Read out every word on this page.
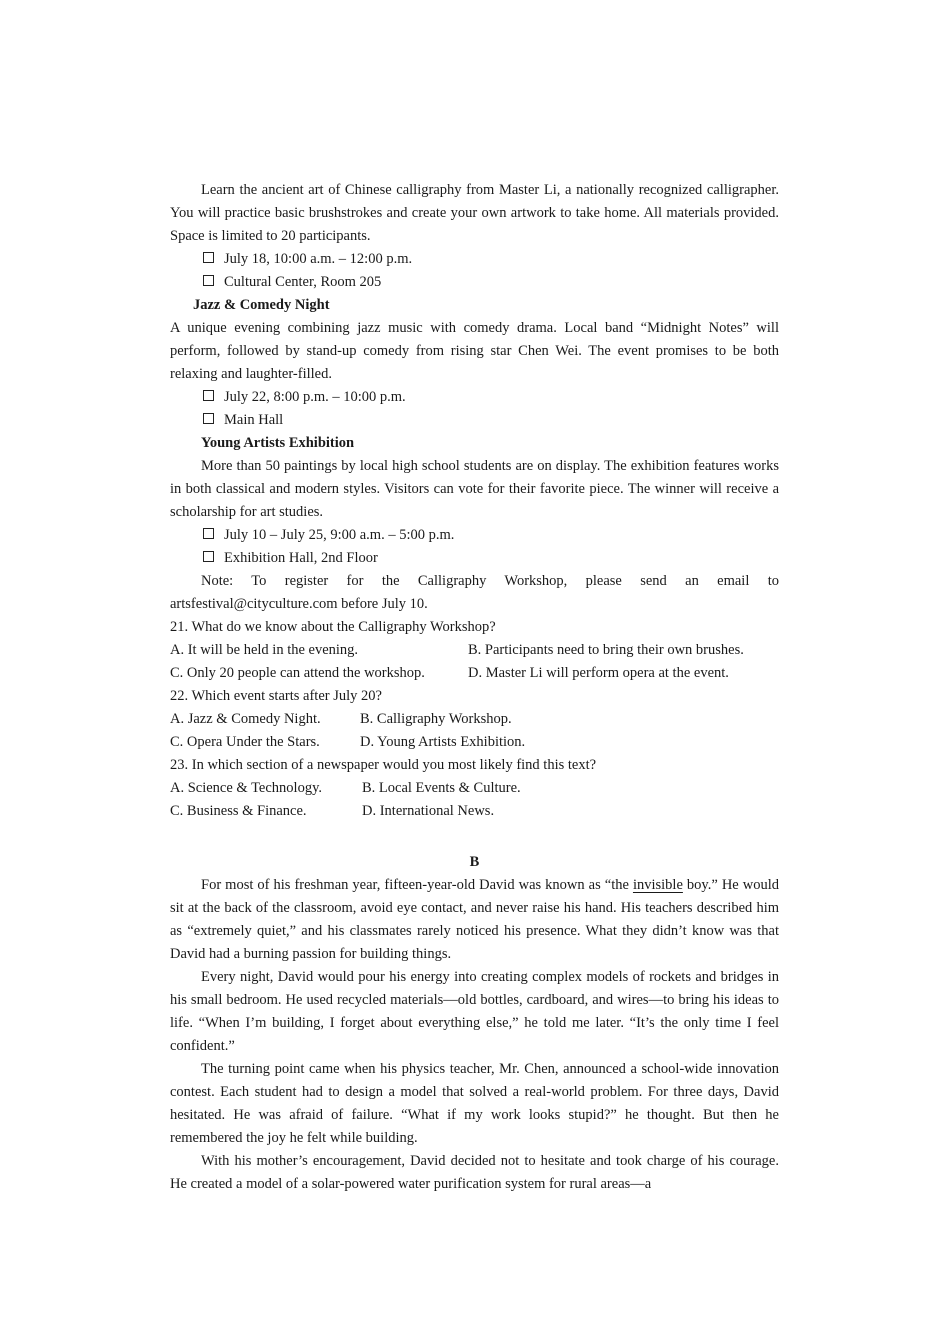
Learn the ancient art of Chinese calligraphy from Master Li, a nationally recognized calligrapher. You will practice basic brushstrokes and create your own artwork to take home. All materials provided. Space is limited to 20 participants.

July 18, 10:00 a.m. – 12:00 p.m.
Cultural Center, Room 205
Jazz & Comedy Night

A unique evening combining jazz music with comedy drama. Local band “Midnight Notes” will perform, followed by stand-up comedy from rising star Chen Wei. The event promises to be both relaxing and laughter-filled.

July 22, 8:00 p.m. – 10:00 p.m.
Main Hall
Young Artists Exhibition

More than 50 paintings by local high school students are on display. The exhibition features works in both classical and modern styles. Visitors can vote for their favorite piece. The winner will receive a scholarship for art studies.

July 10 – July 25, 9:00 a.m. – 5:00 p.m.
Exhibition Hall, 2nd Floor

Note: To register for the Calligraphy Workshop, please send an email to artsfestival@cityculture.com before July 10.

21. What do we know about the Calligraphy Workshop?
A. It will be held in the evening.	B. Participants need to bring their own brushes.
C. Only 20 people can attend the workshop.	D. Master Li will perform opera at the event.
22. Which event starts after July 20?
A. Jazz & Comedy Night.	B. Calligraphy Workshop.
C. Opera Under the Stars.	D. Young Artists Exhibition.
23. In which section of a newspaper would you most likely find this text?
A. Science & Technology.	B. Local Events & Culture.
C. Business & Finance.	D. International News.
B

For most of his freshman year, fifteen-year-old David was known as “the invisible boy.” He would sit at the back of the classroom, avoid eye contact, and never raise his hand. His teachers described him as “extremely quiet,” and his classmates rarely noticed his presence. What they didn’t know was that David had a burning passion for building things.

Every night, David would pour his energy into creating complex models of rockets and bridges in his small bedroom. He used recycled materials—old bottles, cardboard, and wires—to bring his ideas to life. “When I’m building, I forget about everything else,” he told me later. “It’s the only time I feel confident.”

The turning point came when his physics teacher, Mr. Chen, announced a school-wide innovation contest. Each student had to design a model that solved a real-world problem. For three days, David hesitated. He was afraid of failure. “What if my work looks stupid?” he thought. But then he remembered the joy he felt while building.

With his mother’s encouragement, David decided not to hesitate and took charge of his courage. He created a model of a solar-powered water purification system for rural areas—a
